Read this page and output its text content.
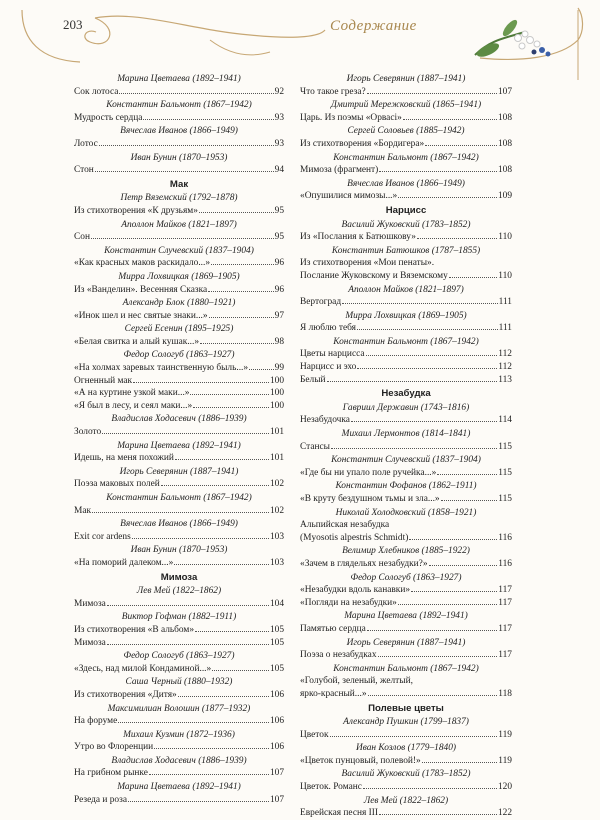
203	Содержание
Марина Цветаева (1892–1941)
Сок лотоса	92
Константин Бальмонт (1867–1942)
Мудрость сердца	93
Вячеслав Иванов (1866–1949)
Лотос	93
Иван Бунин (1870–1953)
Стон	94
Мак
Петр Вяземский (1792–1878)
Из стихотворения «К друзьям»	95
Аполлон Майков (1821–1897)
Сон	95
Константин Случевский (1837–1904)
«Как красных маков раскидало...»	96
Мирра Лохвицкая (1869–1905)
Из «Ванделин». Весенняя Сказка	96
Александр Блок (1880–1921)
«Инок шел и нес святые знаки...»	97
Сергей Есенин (1895–1925)
«Белая свитка и алый кушак...»	98
Федор Сологуб (1863–1927)
«На холмах заревых таинственную быль...»	99
Огненный мак	100
«А на куртине узкой маки...»	100
«Я был в лесу, и сеял маки...»	100
Владислав Ходасевич (1886–1939)
Золото	101
Марина Цветаева (1892–1941)
Идешь, на меня похожий	101
Игорь Северянин (1887–1941)
Поэза маковых полей	102
Константин Бальмонт (1867–1942)
Мак	102
Вячеслав Иванов (1866–1949)
Exit cor ardens	103
Иван Бунин (1870–1953)
«На поморий далеком...»	103
Мимоза
Лев Мей (1822–1862)
Мимоза	104
Виктор Гофман (1882–1911)
Из стихотворения «В альбом»	105
Мимоза	105
Федор Сологуб (1863–1927)
«Здесь, над милой Кондаминой...»	105
Саша Черный (1880–1932)
Из стихотворения «Дитя»	106
Максимилиан Волошин (1877–1932)
На форуме	106
Михаил Кузмин (1872–1936)
Утро во Флоренции	106
Владислав Ходасевич (1886–1939)
На грибном рынке	107
Марина Цветаева (1892–1941)
Резеда и роза	107
Игорь Северянин (1887–1941)
Что такое греза?	107
Дмитрий Мережковский (1865–1941)
Царь. Из поэмы «Орвасi»	108
Сергей Соловьев (1885–1942)
Из стихотворения «Бордигера»	108
Константин Бальмонт (1867–1942)
Мимоза (фрагмент)	108
Вячеслав Иванов (1866–1949)
«Опушилися мимозы...»	109
Нарцисс
Василий Жуковский (1783–1852)
Из «Послания к Батюшкову»	110
Константин Батюшков (1787–1855)
Из стихотворения «Мои пенаты».
Послание Жуковскому и Вяземскому	110
Аполлон Майков (1821–1897)
Вертоград	111
Мирра Лохвицкая (1869–1905)
Я люблю тебя	111
Константин Бальмонт (1867–1942)
Цветы нарцисса	112
Нарцисс и эхо	112
Белый	113
Незабудка
Гавриил Державин (1743–1816)
Незабудочка	114
Михаил Лермонтов (1814–1841)
Стансы	115
Константин Случевский (1837–1904)
«Где бы ни упало поле ручейка...»	115
Константин Фофанов (1862–1911)
«В круту бездушном тьмы и зла...»	115
Николай Холодковский (1858–1921)
Альпийская незабудка
(Myosotis alpestris Schmidt)	116
Велимир Хлебников (1885–1922)
«Зачем в глядельях незабудки?»	116
Федор Сологуб (1863–1927)
«Незабудки вдоль канавки»	117
«Погляди на незабудки»	117
Марина Цветаева (1892–1941)
Памятью сердца	117
Игорь Северянин (1887–1941)
Поэза о незабудках	117
Константин Бальмонт (1867–1942)
«Голубой, зеленый, желтый,
ярко-красный...»	118
Полевые цветы
Александр Пушкин (1799–1837)
Цветок	119
Иван Козлов (1779–1840)
«Цветок пунцовый, полевой!»	119
Василий Жуковский (1783–1852)
Цветок. Романс	120
Лев Мей (1822–1862)
Еврейская песня III	122
